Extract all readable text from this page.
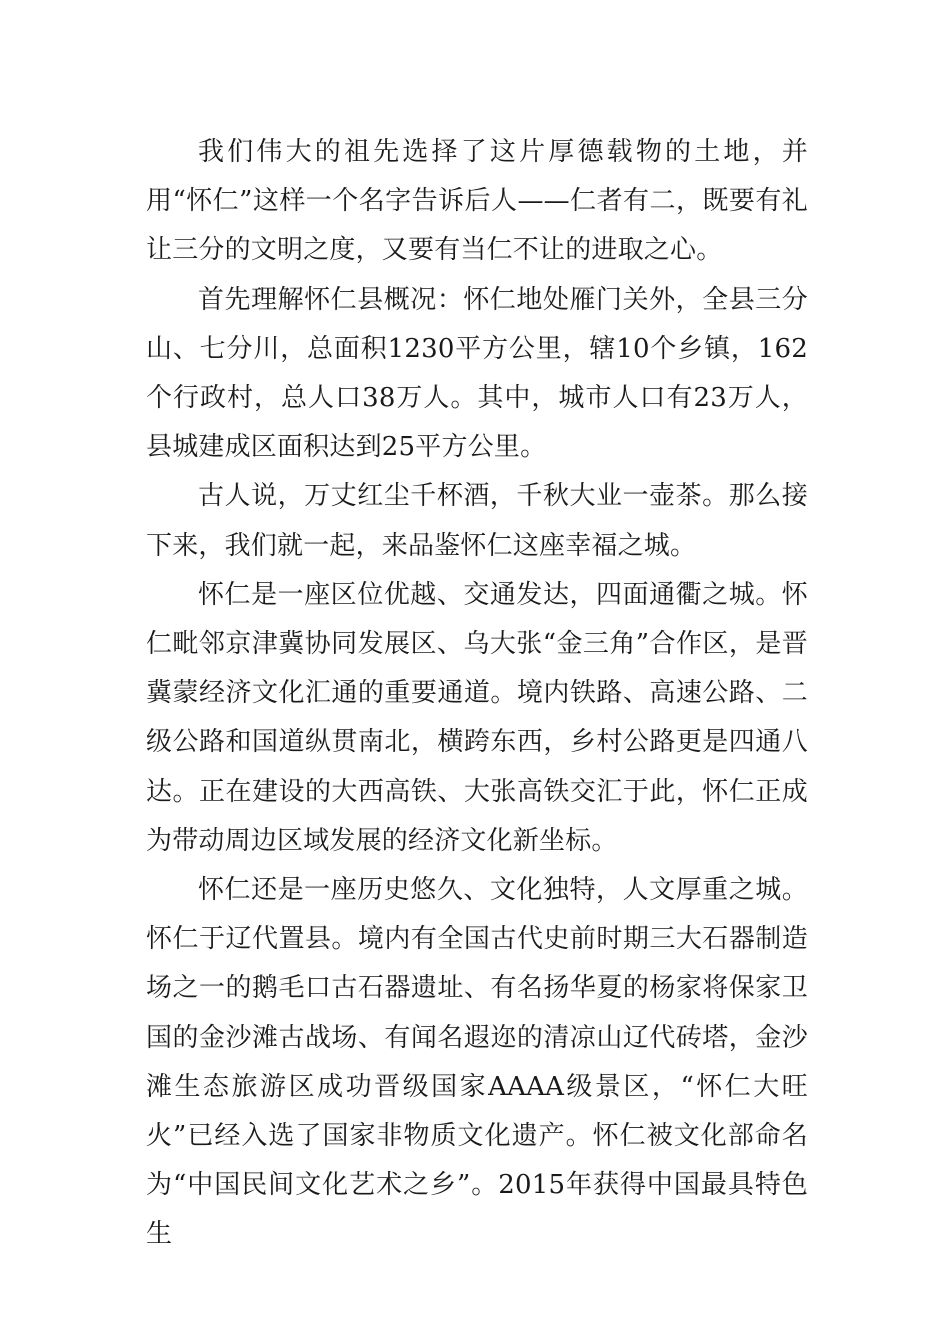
我们伟大的祖先选择了这片厚德载物的土地，并用“怀仁”这样一个名字告诉后人——仁者有二，既要有礼让三分的文明之度，又要有当仁不让的进取之心。

首先理解怀仁县概况：怀仁地处雁门关外，全县三分山、七分川，总面积1230平方公里，辖10个乡镇，162个行政村，总人口38万人。其中，城市人口有23万人，县城建成区面积达到25平方公里。

古人说，万丈红尘千杯酒，千秋大业一壶茶。那么接下来，我们就一起，来品鉴怀仁这座幸福之城。

怀仁是一座区位优越、交通发达，四面通衢之城。怀仁毗邻京津冀协同发展区、乌大张“金三角”合作区，是晋冀蒙经济文化汇通的重要通道。境内铁路、高速公路、二级公路和国道纵贯南北，横跨东西，乡村公路更是四通八达。正在建设的大西高铁、大张高铁交汇于此，怀仁正成为带动周边区域发展的经济文化新坐标。

怀仁还是一座历史悠久、文化独特，人文厚重之城。怀仁于辽代置县。境内有全国古代史前时期三大石器制造场之一的鹅毛口古石器遗址、有名扬华夏的杨家将保家卫国的金沙滩古战场、有闻名遐迩的清凉山辽代砖塔，金沙滩生态旅游区成功晋级国家AAAA级景区，“怀仁大旺火”已经入选了国家非物质文化遗产。怀仁被文化部命名为“中国民间文化艺术之乡”。2015年获得中国最具特色生
